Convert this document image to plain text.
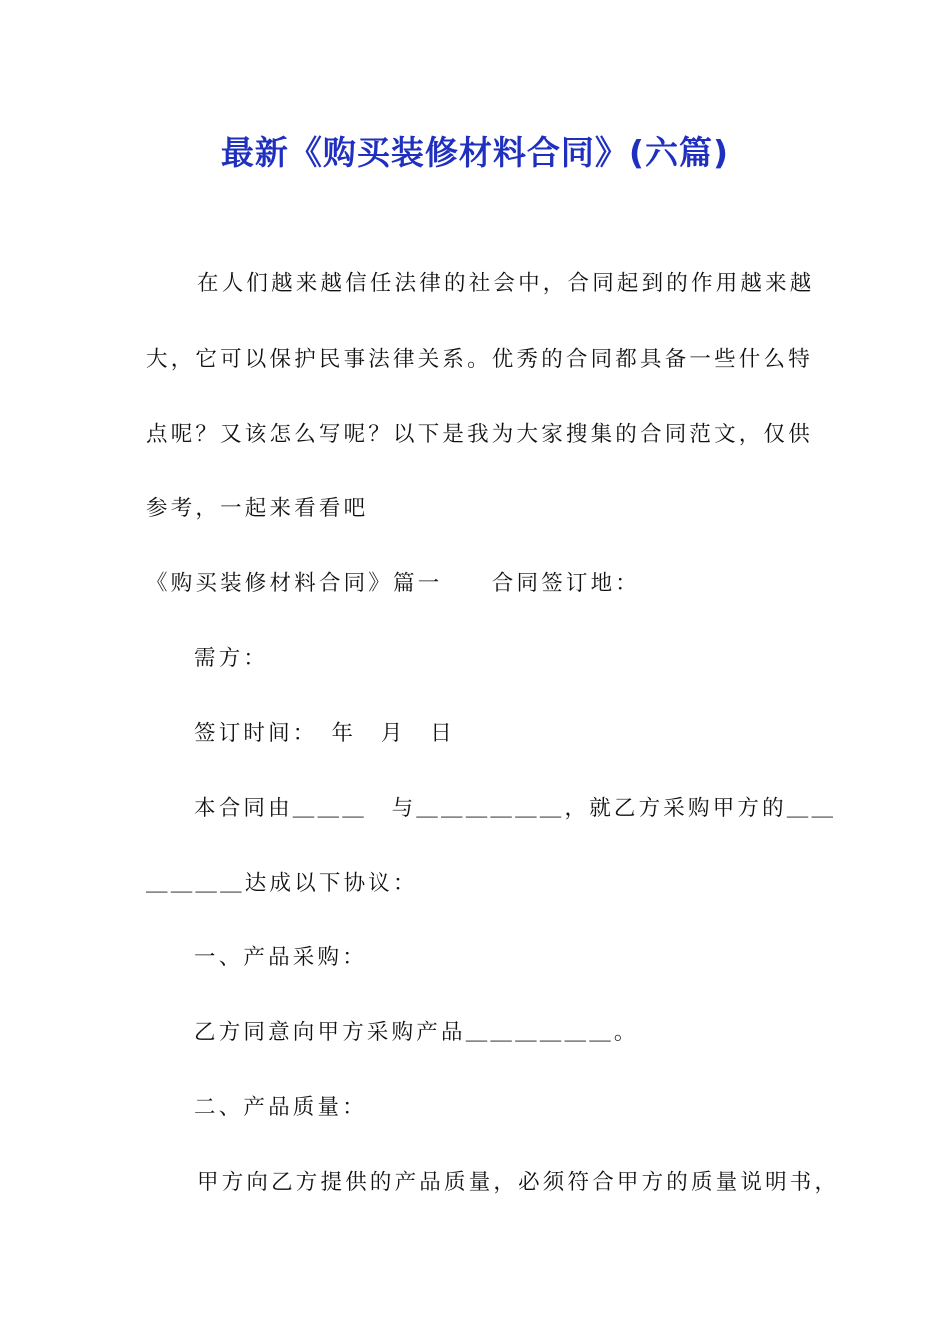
最新《购买装修材料合同》(六篇)
在人们越来越信任法律的社会中，合同起到的作用越来越
大，它可以保护民事法律关系。优秀的合同都具备一些什么特
点呢？又该怎么写呢？以下是我为大家搜集的合同范文，仅供
参考，一起来看看吧
《购买装修材料合同》篇一　　合同签订地：
需方：
签订时间：　年　月　日
本合同由＿＿＿　与＿＿＿＿＿＿，就乙方采购甲方的＿＿
＿＿＿＿达成以下协议：
一、产品采购：
乙方同意向甲方采购产品＿＿＿＿＿＿。
二、产品质量：
甲方向乙方提供的产品质量，必须符合甲方的质量说明书，
